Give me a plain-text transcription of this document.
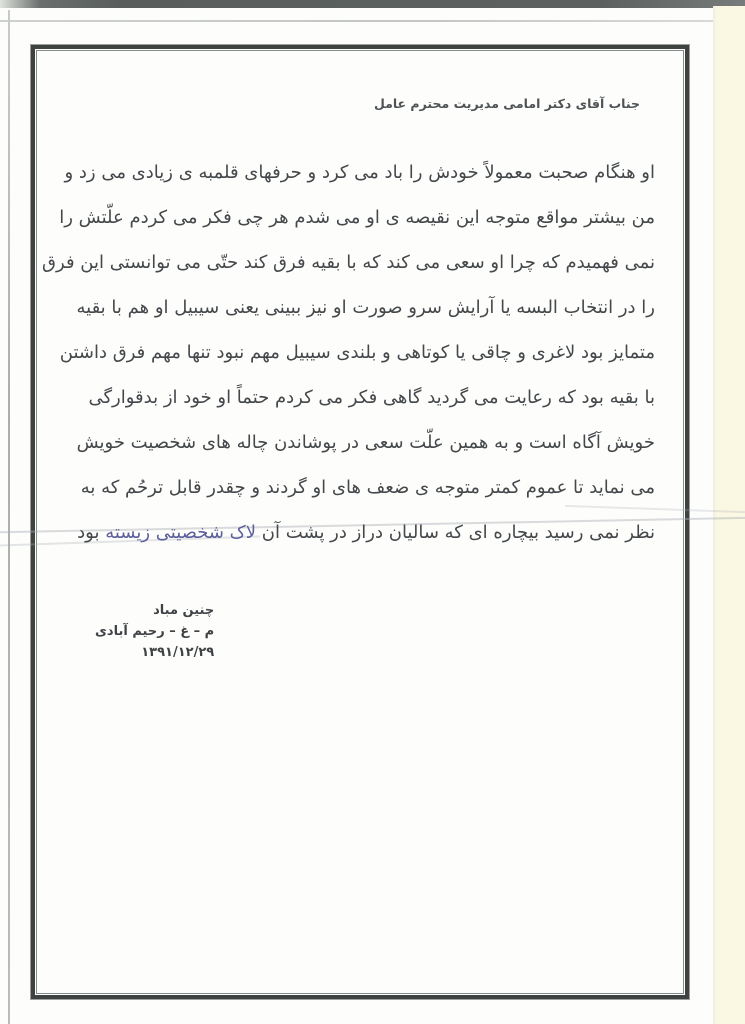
جناب آقای دکتر امامی مدیریت محترم عامل
او هنگام صحبت معمولاً خودش را باد می کرد و حرفهای قلمبه ی زیادی می زد و
من بیشتر مواقع متوجه این نقیصه ی او می شدم هر چی فکر می کردم علّتش را
نمی فهمیدم که چرا او سعی می کند که با بقیه فرق کند حتّی می توانستی این فرق
را در انتخاب البسه یا آرایش سرو صورت او نیز ببینی یعنی سیبیل او هم با بقیه
متمایز بود لاغری و چاقی یا کوتاهی و بلندی سیبیل مهم نبود تنها مهم فرق داشتن
با بقیه بود که رعایت می گردید گاهی فکر می کردم حتماً او خود از بدقوارگی
خویش آگاه است و به همین علّت سعی در پوشاندن چاله های شخصیت خویش
می نماید تا عموم کمتر متوجه ی ضعف های او گردند و چقدر قابل ترحُم که به
نظر نمی رسید بیچاره ای که سالیان دراز در پشت آن لاک شخصیتی زیسته بود
چنین مباد
م – غ – رحیم آبادی
۱۳۹۱/۱۲/۲۹
